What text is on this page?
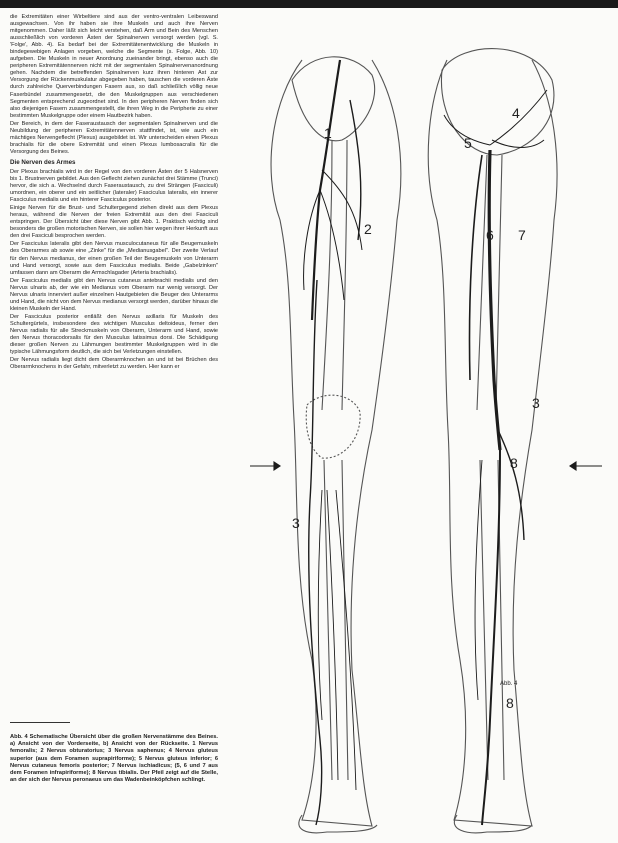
die Extremitäten einer Wirbeltiere sind aus der ventro-ventralen Leibeswand ausgewachsen. Von ihr haben sie ihre Muskeln und auch ihre Nerven mitgenommen. Daher läßt sich leicht verstehen, daß Arm und Bein des Menschen ausschließlich von vorderen Ästen der Spinalnerven versorgt werden (vgl. S. 'Folge', Abb. 4). Es bedarf bei der Extremitätenentwicklung die Muskeln in bindegewebigen Anlagen vorgeben, welche die Segmente (s. Folge, Abb. 10) aufgeben. Die Muskeln in neuer Anordnung zueinander bringt, ebenso auch die peripheren Extremitätennerven nicht mit der segmentalen Spinalnervenanordnung gehen. Nachdem die betreffenden Spinalnerven kurz ihren hinteren Ast zur Versorgung der Rückenmuskulatur abgegeben haben, tauschen die vorderen Äste durch zahlreiche Querverbindungen Fasern aus, so daß schließlich völlig neue Faserbündel zusammengesetzt, die den Muskelgruppen aus verschiedenen Segmenten entsprechend zugeordnet sind. In den peripheren Nerven finden sich also diejenigen Fasern zusammengestellt, die ihren Weg in die Peripherie zu einer bestimmten Muskelgruppe oder einem Hautbezirk haben.

Der Bereich, in dem der Faseraustausch der segmentalen Spinalnerven und die Neubildung der peripheren Extremitätennerven stattfindet, ist, wie auch ein mächtiges Nervengeflecht (Plexus) ausgebildet ist. Wir unterscheiden einen Plexus brachialis für die obere Extremität und einen Plexus lumbosacralis für die Versorgung des Beines.

Die Nerven des Armes

Der Plexus brachialis wird in der Regel von den vorderen Ästen der 5 Halsnerven bis 1. Brustnerven gebildet. Aus den Geflecht ziehen zunächst drei Stämme (Trunci) hervor, die sich a. Wechselnd durch Faseraustausch, zu drei Strängen (Fasciculi) umordnen, ein oberer und ein seitlicher (lateraler) Fasciculus lateralis, ein innerer Fasciculus medialis und ein hinterer Fasciculus posterior.

Einige Nerven für die Brust- und Schultergegend ziehen direkt aus dem Plexus heraus, während die Nerven der freien Extremität aus den drei Fasciculi entspringen. Der Übersicht über diese Nerven gibt Abb. 1. Praktisch wichtig sind besonders die großen motorischen Nerven, sie sollen hier wegen ihrer Herkunft aus den drei Fasciculi besprochen werden.

Der Fasciculus lateralis gibt den Nervus musculocutaneus für alle Beugemuskeln des Oberarmes ab sowie eine „Zinke" für die „Medianusgabel". Der zweite Verlauf für den Nervus medianus, der einen großen Teil der Beugemuskeln von Unterarm und Hand versorgt, sowie aus dem Fasciculus medialis. Beide „Gabelzinken" umfassen dann am Oberarm die Armschlagader (Arteria brachialis).

Der Fasciculus medialis gibt den Nervus cutaneus antebrachii medialis und den Nervus ulnaris ab, der wie ein Medianus vom Oberarm nur wenig versorgt. Der Nervus ulnaris innerviert außer einzelnen Hautgebieten die Beuger des Unterarms und Hand, die nicht von dem Nervus medianus versorgt werden, darüber hinaus die kleinen Muskeln der Hand.

Der Fasciculus posterior entläßt den Nervus axillaris für Muskeln des Schultergürtels, insbesondere des wichtigen Musculus deltoideus, ferner den Nervus radialis für alle Streckmuskeln von Oberarm, Unterarm und Hand, sowie den Nervus thoracodorsalis für den Musculus latissimus dorsi. Die Schädigung dieser großen Nerven zu Lähmungen bestimmter Muskelgruppen wird in die typische Lähmungsform deutlich, die sich bei Verletzungen einstellen.

Der Nervus radialis liegt dicht dem Oberarmknochen an und ist bei Brüchen des Oberarmknochens in der Gefahr, mitverletzt zu werden. Hier kann er

Abb. 4 Schematische Übersicht über die großen Nervenstämme des Beines. a) Ansicht von der Vorderseite, b) Ansicht von der Rückseite. 1 Nervus femoralis; 2 Nervus obturatorius; 3 Nervus saphenus; 4 Nervus gluteus superior (aus dem Foramen suprapiriforme); 5 Nervus gluteus inferior; 6 Nervus cutaneus femoris posterior; 7 Nervus ischiadicus; (5, 6 und 7 aus dem Foramen infrapiriforme); 8 Nervus tibialis. Der Pfeil zeigt auf die Stelle, an der sich der Nervus peronaeus um das Wadenbeinköpfchen schlingt.
1
2
3
4
5
6 7
3
8
8
Abb. 4
